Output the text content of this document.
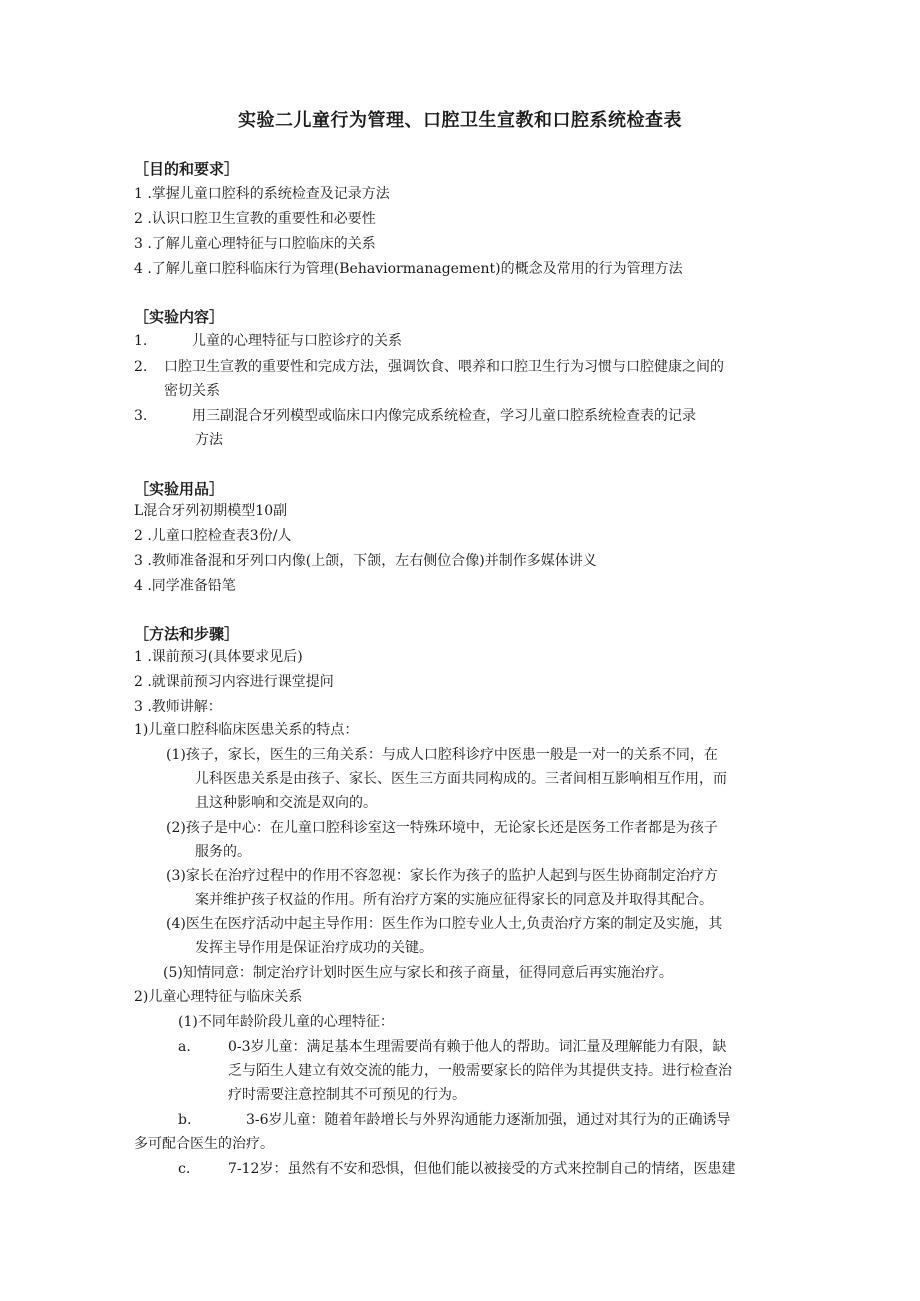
实验二儿童行为管理、口腔卫生宣教和口腔系统检查表
［目的和要求］
1 .掌握儿童口腔科的系统检查及记录方法
2 .认识口腔卫生宣教的重要性和必要性
3 .了解儿童心理特征与口腔临床的关系
4 .了解儿童口腔科临床行为管理(Behaviormanagement)的概念及常用的行为管理方法
［实验内容］
1.	儿童的心理特征与口腔诊疗的关系
2. 口腔卫生宣教的重要性和完成方法，强调饮食、喂养和口腔卫生行为习惯与口腔健康之间的
密切关系
3.	用三副混合牙列模型或临床口内像完成系统检查，学习儿童口腔系统检查表的记录
方法
［实验用品］
L混合牙列初期模型10副
2 .儿童口腔检查表3份/人
3 .教师准备混和牙列口内像(上颌，下颌，左右侧位合像)并制作多媒体讲义
4 .同学准备铅笔
［方法和步骤］
1 .课前预习(具体要求见后)
2 .就课前预习内容进行课堂提问
3 .教师讲解：
1)儿童口腔科临床医患关系的特点：
(1)孩子，家长，医生的三角关系：与成人口腔科诊疗中医患一般是一对一的关系不同，在
儿科医患关系是由孩子、家长、医生三方面共同构成的。三者间相互影响相互作用，而
且这种影响和交流是双向的。
(2)孩子是中心：在儿童口腔科诊室这一特殊环境中，无论家长还是医务工作者都是为孩子
服务的。
(3)家长在治疗过程中的作用不容忽视：家长作为孩子的监护人起到与医生协商制定治疗方
案并维护孩子权益的作用。所有治疗方案的实施应征得家长的同意及并取得其配合。
(4)医生在医疗活动中起主导作用：医生作为口腔专业人士,负责治疗方案的制定及实施，其
发挥主导作用是保证治疗成功的关键。
(5)知情同意：制定治疗计划时医生应与家长和孩子商量，征得同意后再实施治疗。
2)儿童心理特征与临床关系
(1)不同年龄阶段儿童的心理特征：
a.	0-3岁儿童：满足基本生理需要尚有赖于他人的帮助。词汇量及理解能力有限，缺
乏与陌生人建立有效交流的能力，一般需要家长的陪伴为其提供支持。进行检查治
疗时需要注意控制其不可预见的行为。
b.	3-6岁儿童：随着年龄增长与外界沟通能力逐渐加强，通过对其行为的正确诱导
多可配合医生的治疗。
c.	7-12岁：虽然有不安和恐惧，但他们能以被接受的方式来控制自己的情绪，医患建
